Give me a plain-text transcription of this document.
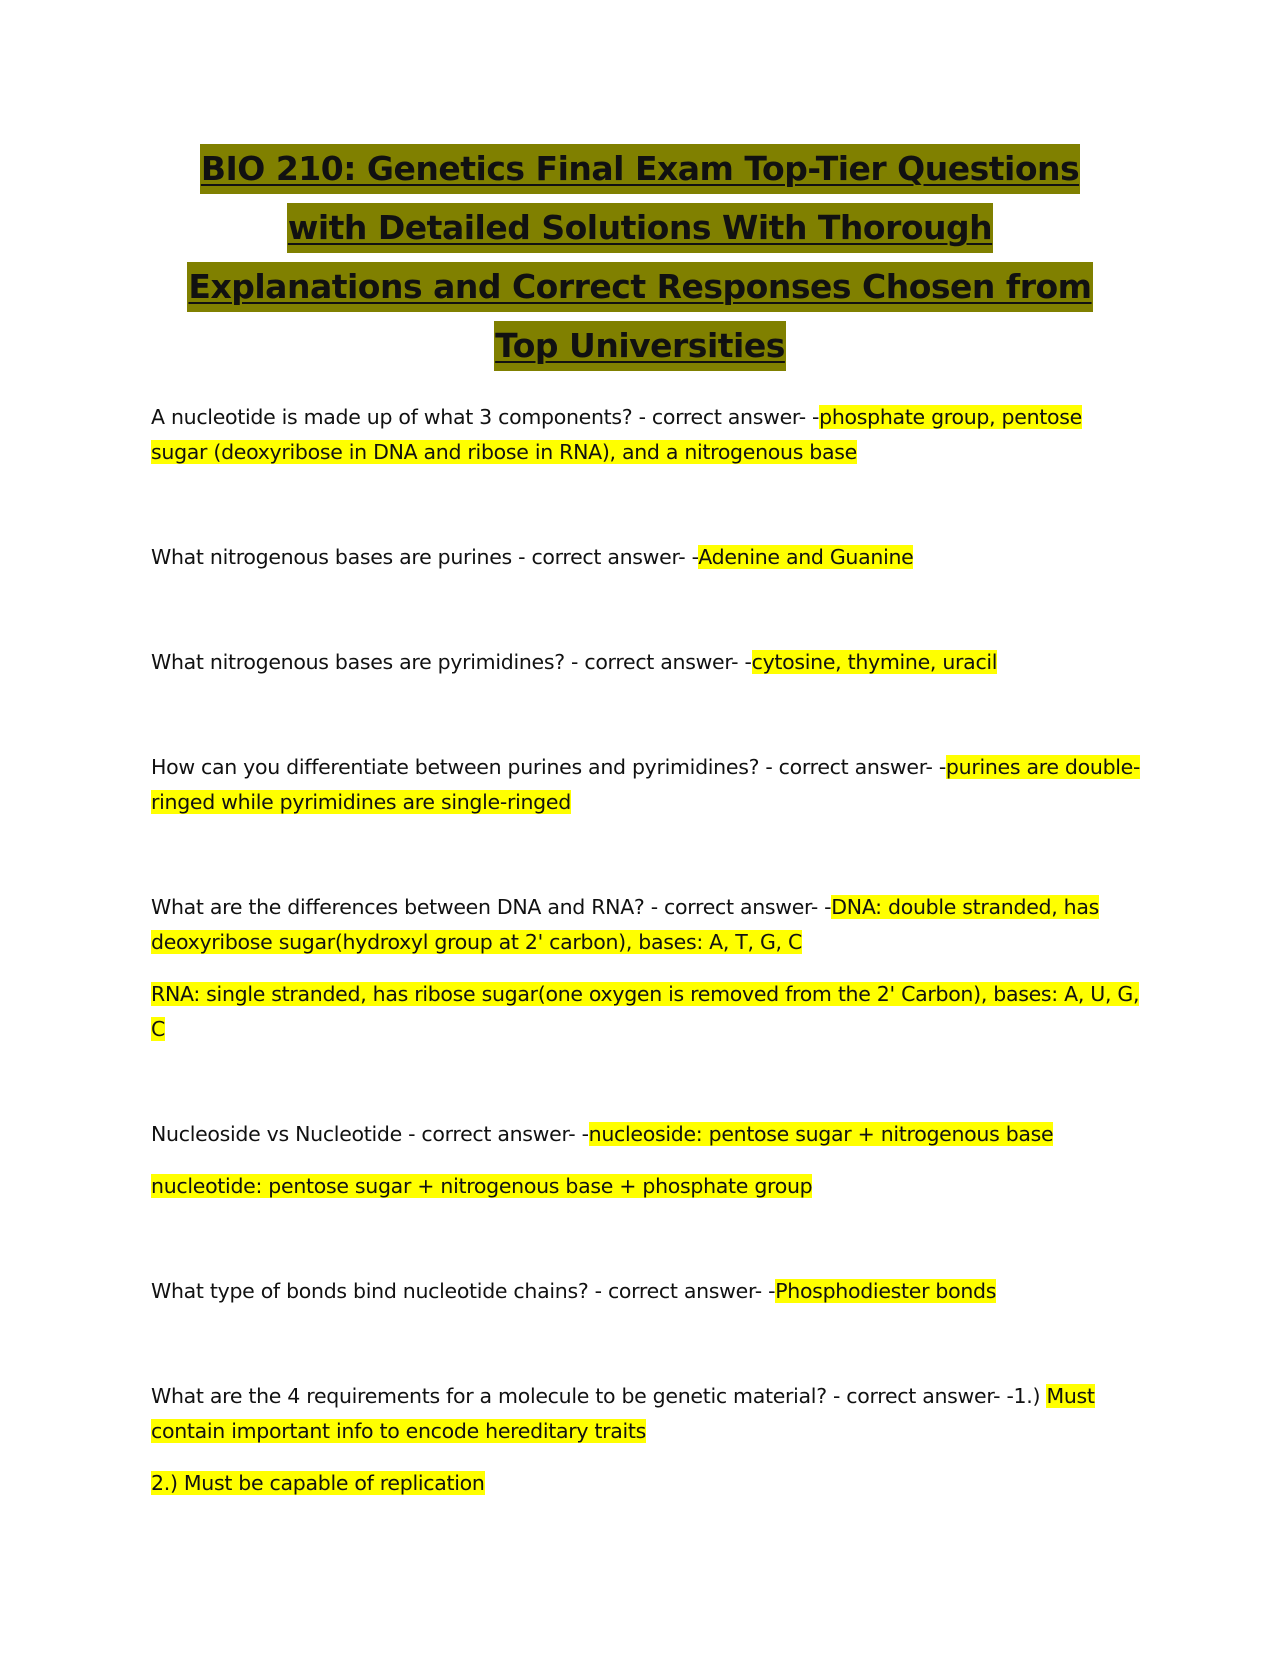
BIO 210: Genetics Final Exam Top-Tier Questions
with Detailed Solutions With Thorough
Explanations and Correct Responses Chosen from
Top Universities

A nucleotide is made up of what 3 components? - correct answer- -phosphate group, pentose sugar (deoxyribose in DNA and ribose in RNA), and a nitrogenous base

What nitrogenous bases are purines - correct answer- -Adenine and Guanine

What nitrogenous bases are pyrimidines? - correct answer- -cytosine, thymine, uracil

How can you differentiate between purines and pyrimidines? - correct answer- -purines are double-ringed while pyrimidines are single-ringed

What are the differences between DNA and RNA? - correct answer- -DNA: double stranded, has deoxyribose sugar(hydroxyl group at 2' carbon), bases: A, T, G, C

RNA: single stranded, has ribose sugar(one oxygen is removed from the 2' Carbon), bases: A, U, G, C

Nucleoside vs Nucleotide - correct answer- -nucleoside: pentose sugar + nitrogenous base

nucleotide: pentose sugar + nitrogenous base + phosphate group

What type of bonds bind nucleotide chains? - correct answer- -Phosphodiester bonds

What are the 4 requirements for a molecule to be genetic material? - correct answer- -1.) Must contain important info to encode hereditary traits

2.) Must be capable of replication
